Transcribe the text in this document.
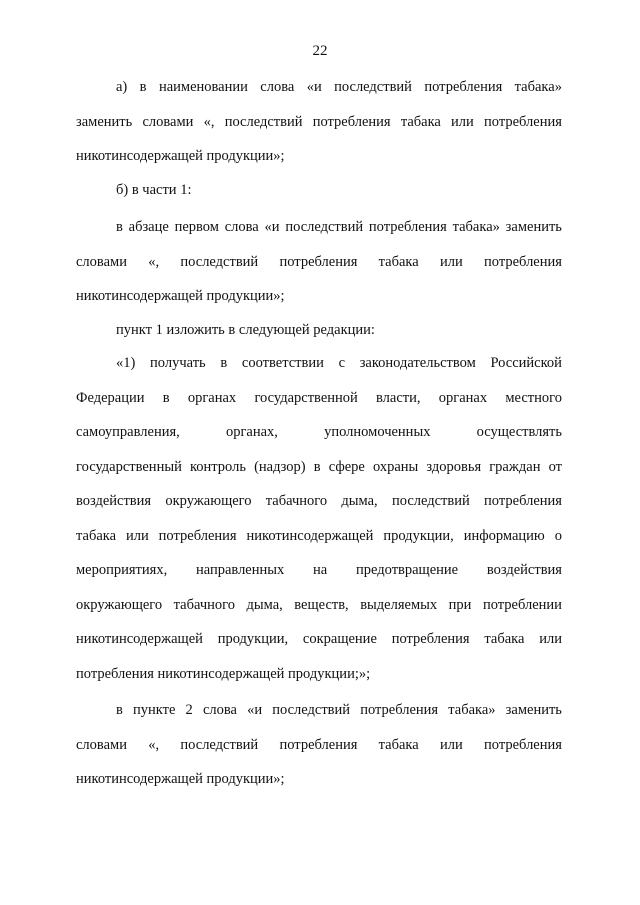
22
а) в наименовании слова «и последствий потребления табака»
заменить словами «, последствий потребления табака или потребления
никотинсодержащей продукции»;
б) в части 1:
в абзаце первом слова «и последствий потребления табака» заменить
словами «, последствий потребления табака или потребления
никотинсодержащей продукции»;
пункт 1 изложить в следующей редакции:
«1) получать в соответствии с законодательством Российской
Федерации в органах государственной власти, органах местного
самоуправления,	органах,	уполномоченных	осуществлять
государственный контроль (надзор) в сфере охраны здоровья граждан от
воздействия окружающего табачного дыма, последствий потребления
табака или потребления никотинсодержащей продукции, информацию о
мероприятиях, направленных на предотвращение воздействия
окружающего табачного дыма, веществ, выделяемых при потреблении
никотинсодержащей продукции, сокращение потребления табака или
потребления никотинсодержащей продукции;»;
в пункте 2 слова «и последствий потребления табака» заменить
словами «, последствий потребления табака или потребления
никотинсодержащей продукции»;
